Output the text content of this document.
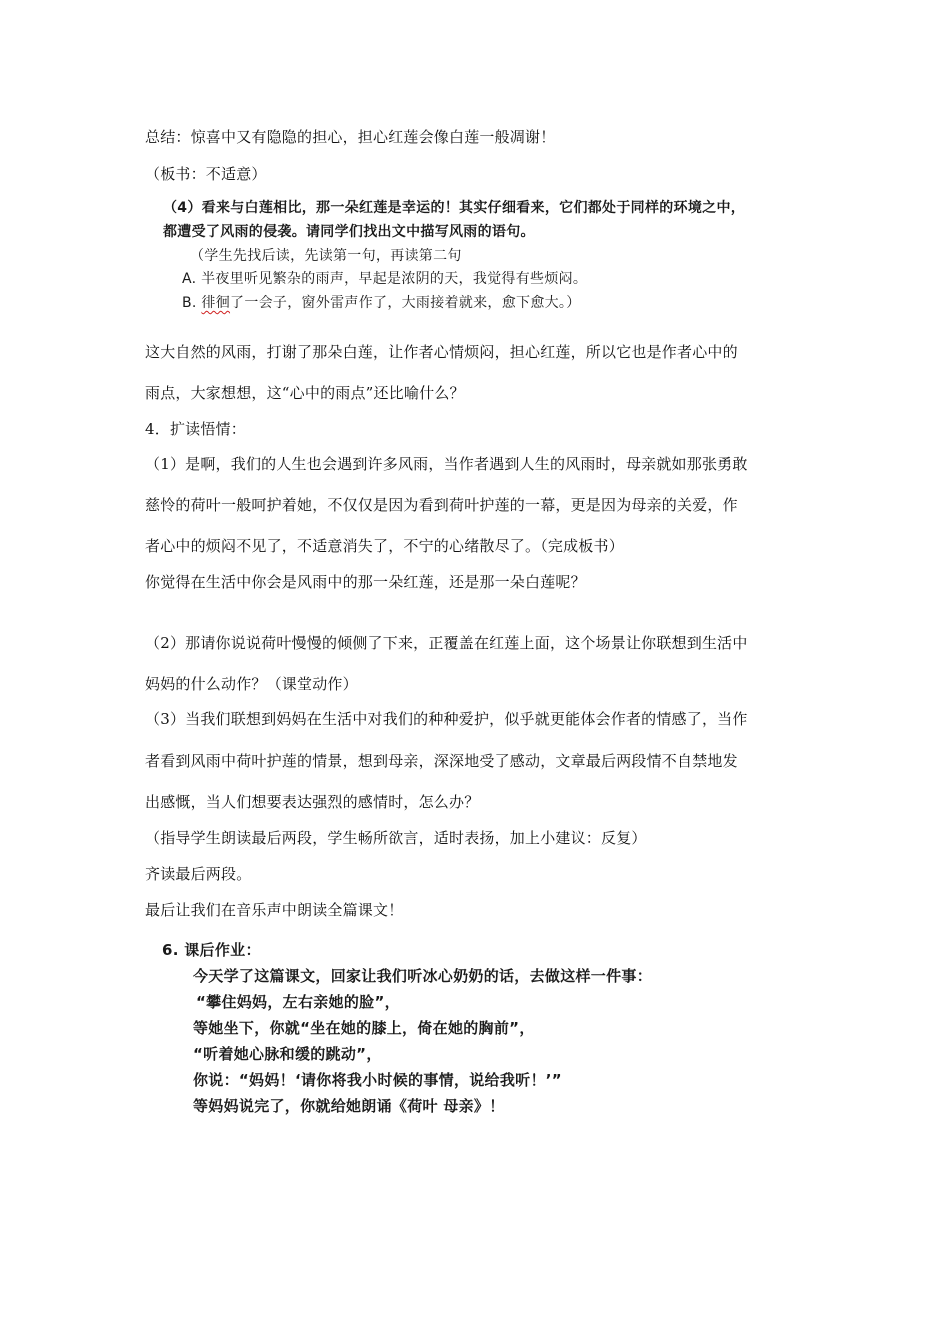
总结：惊喜中又有隐隐的担心，担心红莲会像白莲一般凋谢！
（板书：不适意）
（4）看来与白莲相比，那一朵红莲是幸运的！其实仔细看来，它们都处于同样的环境之中，
都遭受了风雨的侵袭。请同学们找出文中描写风雨的语句。
（学生先找后读，先读第一句，再读第二句
A. 半夜里听见繁杂的雨声，早起是浓阴的天，我觉得有些烦闷。
B. 徘徊了一会子，窗外雷声作了，大雨接着就来，愈下愈大。）
这大自然的风雨，打谢了那朵白莲，让作者心情烦闷，担心红莲，所以它也是作者心中的
雨点，大家想想，这“心中的雨点”还比喻什么？
4．扩读悟情：
（1）是啊，我们的人生也会遇到许多风雨，当作者遇到人生的风雨时，母亲就如那张勇敢
慈怜的荷叶一般呵护着她，不仅仅是因为看到荷叶护莲的一幕，更是因为母亲的关爱，作
者心中的烦闷不见了，不适意消失了，不宁的心绪散尽了。（完成板书）
你觉得在生活中你会是风雨中的那一朵红莲，还是那一朵白莲呢？
（2）那请你说说荷叶慢慢的倾侧了下来，正覆盖在红莲上面，这个场景让你联想到生活中
妈妈的什么动作？（课堂动作）
（3）当我们联想到妈妈在生活中对我们的种种爱护，似乎就更能体会作者的情感了，当作
者看到风雨中荷叶护莲的情景，想到母亲，深深地受了感动，文章最后两段情不自禁地发
出感慨，当人们想要表达强烈的感情时，怎么办？
（指导学生朗读最后两段，学生畅所欲言，适时表扬，加上小建议：反复）
齐读最后两段。
最后让我们在音乐声中朗读全篇课文！
6. 课后作业：
今天学了这篇课文，回家让我们听冰心奶奶的话，去做这样一件事：
“攀住妈妈，左右亲她的脸”，
等她坐下，你就“坐在她的膝上，倚在她的胸前”，
“听着她心脉和缓的跳动”，
你说：“妈妈！‘请你将我小时候的事情，说给我听！’”
等妈妈说完了，你就给她朗诵《荷叶 母亲》！
